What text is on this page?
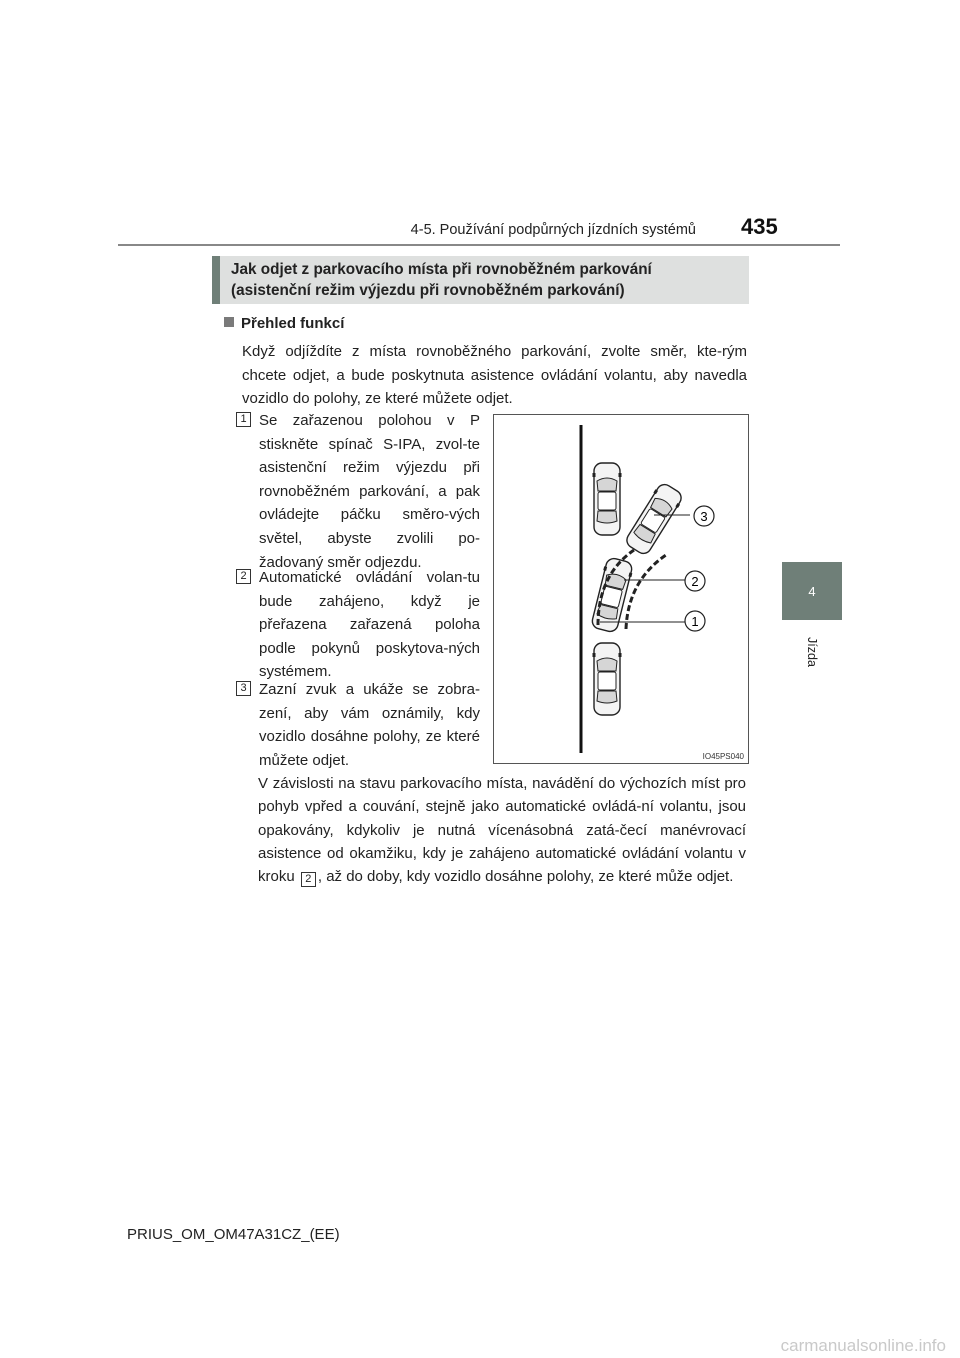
4-5. Používání podpůrných jízdních systémů 435
4
Jízda
Jak odjet z parkovacího místa při rovnoběžném parkování
(asistenční režim výjezdu při rovnoběžném parkování)
Přehled funkcí
Když odjíždíte z místa rovnoběžného parkování, zvolte směr, kte-rým chcete odjet, a bude poskytnuta asistence ovládání volantu, aby navedla vozidlo do polohy, ze které můžete odjet.
1 Se zařazenou polohou v P stiskněte spínač S-IPA, zvol-te asistenční režim výjezdu při rovnoběžném parkování, a pak ovládejte páčku směro-vých světel, abyste zvolili po-žadovaný směr odjezdu.
2 Automatické ovládání volan-tu bude zahájeno, když je přeřazena zařazená poloha podle pokynů poskytova-ných systémem.
3 Zazní zvuk a ukáže se zobra-zení, aby vám oznámily, kdy vozidlo dosáhne polohy, ze které můžete odjet.
3
2
1
IO45PS040
V závislosti na stavu parkovacího místa, navádění do výchozích míst pro pohyb vpřed a couvání, stejně jako automatické ovládá-ní volantu, jsou opakovány, kdykoliv je nutná vícenásobná zatá-čecí manévrovací asistence od okamžiku, kdy je zahájeno automatické ovládání volantu v kroku 2 , až do doby, kdy vozidlo dosáhne polohy, ze které může odjet.
PRIUS_OM_OM47A31CZ_(EE)
carmanualsonline.info
